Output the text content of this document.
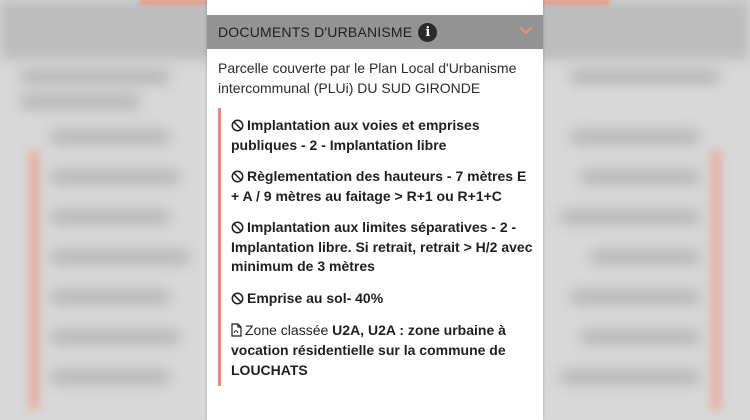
DOCUMENTS D'URBANISME	i

Parcelle couverte par le Plan Local d'Urbanisme intercommunal (PLUi) DU SUD GIRONDE

Implantation aux voies et emprises publiques - 2 - Implantation libre
Règlementation des hauteurs - 7 mètres E + A / 9 mètres au faitage > R+1 ou R+1+C
Implantation aux limites séparatives - 2 - Implantation libre. Si retrait, retrait > H/2 avec minimum de 3 mètres
Emprise au sol- 40%
Zone classée U2A, U2A : zone urbaine à vocation résidentielle sur la commune de LOUCHATS
